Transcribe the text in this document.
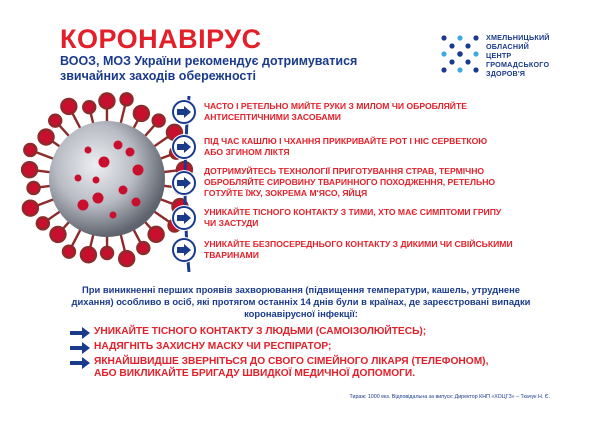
КОРОНАВІРУС
ВООЗ, МОЗ України рекомендує дотримуватися звичайних заходів обережності
ХМЕЛЬНИЦЬКИЙ
ОБЛАСНИЙ
ЦЕНТР
ГРОМАДСЬКОГО
ЗДОРОВ'Я
ЧАСТО І РЕТЕЛЬНО МИЙТЕ РУКИ З МИЛОМ ЧИ ОБРОБЛЯЙТЕ АНТИСЕПТИЧНИМИ ЗАСОБАМИ
ПІД ЧАС КАШЛЮ І ЧХАННЯ ПРИКРИВАЙТЕ РОТ І НІС СЕРВЕТКОЮ АБО ЗГИНОМ ЛІКТЯ
ДОТРИМУЙТЕСЬ ТЕХНОЛОГІЇ ПРИГОТУВАННЯ СТРАВ, ТЕРМІЧНО ОБРОБЛЯЙТЕ СИРОВИНУ ТВАРИННОГО ПОХОДЖЕННЯ, РЕТЕЛЬНО ГОТУЙТЕ ЇЖУ, ЗОКРЕМА М'ЯСО, ЯЙЦЯ
УНИКАЙТЕ ТІСНОГО КОНТАКТУ З ТИМИ, ХТО МАЄ СИМПТОМИ ГРИПУ ЧИ ЗАСТУДИ
УНИКАЙТЕ БЕЗПОСЕРЕДНЬОГО КОНТАКТУ З ДИКИМИ ЧИ СВІЙСЬКИМИ ТВАРИНАМИ
При виникненні перших проявів захворювання (підвищення температури, кашель, утруднене дихання) особливо в осіб, які протягом останніх 14 днів були в країнах, де зареєстровані випадки коронавірусної інфекції:
УНИКАЙТЕ ТІСНОГО КОНТАКТУ З ЛЮДЬМИ (САМОІЗОЛЮЙТЕСЬ);
НАДЯГНІТЬ ЗАХИСНУ МАСКУ ЧИ РЕСПІРАТОР;
ЯКНАЙШВИДШЕ ЗВЕРНІТЬСЯ ДО СВОГО СІМЕЙНОГО ЛІКАРЯ (ТЕЛЕФОНОМ), АБО ВИКЛИКАЙТЕ БРИГАДУ ШВИДКОЇ МЕДИЧНОЇ ДОПОМОГИ.
Тираж: 1000 екз. Відповідальна за випуск: Директор КНП «ХОЦГЗ» – Ткачук Н. Є.
